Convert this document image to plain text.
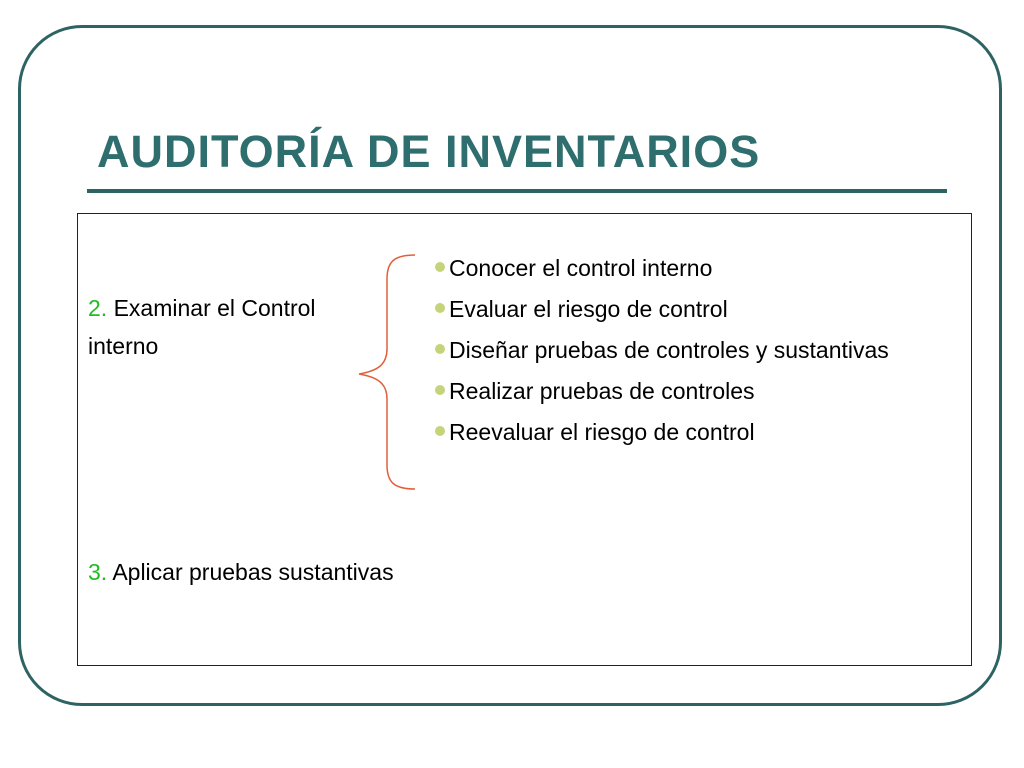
AUDITORÍA DE INVENTARIOS

2. Examinar el Control interno

Conocer el control interno
Evaluar el riesgo de control
Diseñar pruebas de controles y sustantivas
Realizar pruebas de controles
Reevaluar el riesgo de control

3. Aplicar pruebas sustantivas
